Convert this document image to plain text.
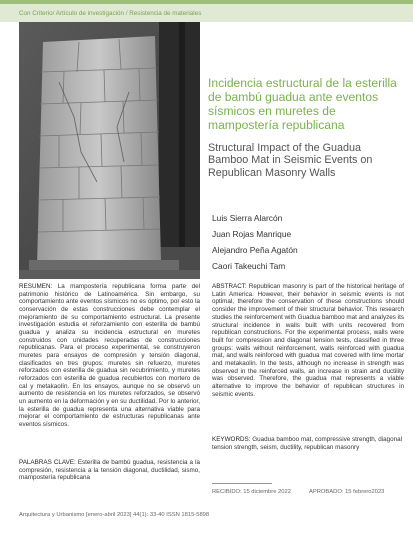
Con Criterio/ Artículo de investigación / Resistencia de materiales

Incidencia estructural de la esterilla de bambú guadua ante eventos sísmicos en muretes de mampostería republicana

Structural Impact of the Guadua Bamboo Mat in Seismic Events on Republican Masonry Walls

Luis Sierra Alarcón
Juan Rojas Manrique
Alejandro Peña Agatón
Caori Takeuchi Tam
RESUMEN: La mampostería republicana forma parte del patrimonio histórico de Latinoamérica. Sin embargo, su comportamiento ante eventos sísmicos no es óptimo, por esto la conservación de estas construcciones debe contemplar el mejoramiento de su comportamiento estructural. La presente investigación estudia el reforzamiento con esterilla de bambú guadua y analiza su incidencia estructural en muretes construidos con unidades recuperadas de construcciones republicanas. Para el proceso experimental, se construyeron muretes para ensayos de compresión y tensión diagonal, clasificados en tres grupos: muretes sin refuerzo, muretes reforzados con esterilla de guadua sin recubrimiento, y muretes reforzados con esterilla de guadua recubiertos con mortero de cal y metakaolín. En los ensayos, aunque no se observó un aumento de resistencia en los muretes reforzados, se observó un aumento en la deformación y en su ductilidad. Por lo anterior, la esterilla de guadua representa una alternativa viable para mejorar el comportamiento de estructuras republicanas ante eventos sísmicos.
PALABRAS CLAVE: Esterilla de bambú guadua, resistencia a la compresión, resistencia a la tensión diagonal, ductilidad, sismo, mampostería republicana
ABSTRACT: Republican masonry is part of the historical heritage of Latin America. However, their behavior in seismic events is not optimal, therefore the conservation of these constructions should consider the improvement of their structural behavior. This research studies the reinforcement with Guadua bamboo mat and analyzes its structural incidence in walls built with units recovered from republican constructions. For the experimental process, walls were built for compression and diagonal tension tests, classified in three groups: walls without reinforcement, walls reinforced with guadua mat, and walls reinforced with guadua mat covered with lime mortar and metakaolin. In the tests, although no increase in strength was observed in the reinforced walls, an increase in strain and ductility was observed. Therefore, the guadua mat represents a viable alternative to improve the behavior of republican structures in seismic events.
KEYWORDS: Guadua bamboo mat, compressive strength, diagonal tension strength, seism, ductility, republican masonry
RECIBIDO: 15 diciembre 2022	APROBADO: 15 febrero2023
Arquitectura y Urbanismo [enero-abril 2023] 44(1): 33-40 ISSN 1815-5898
